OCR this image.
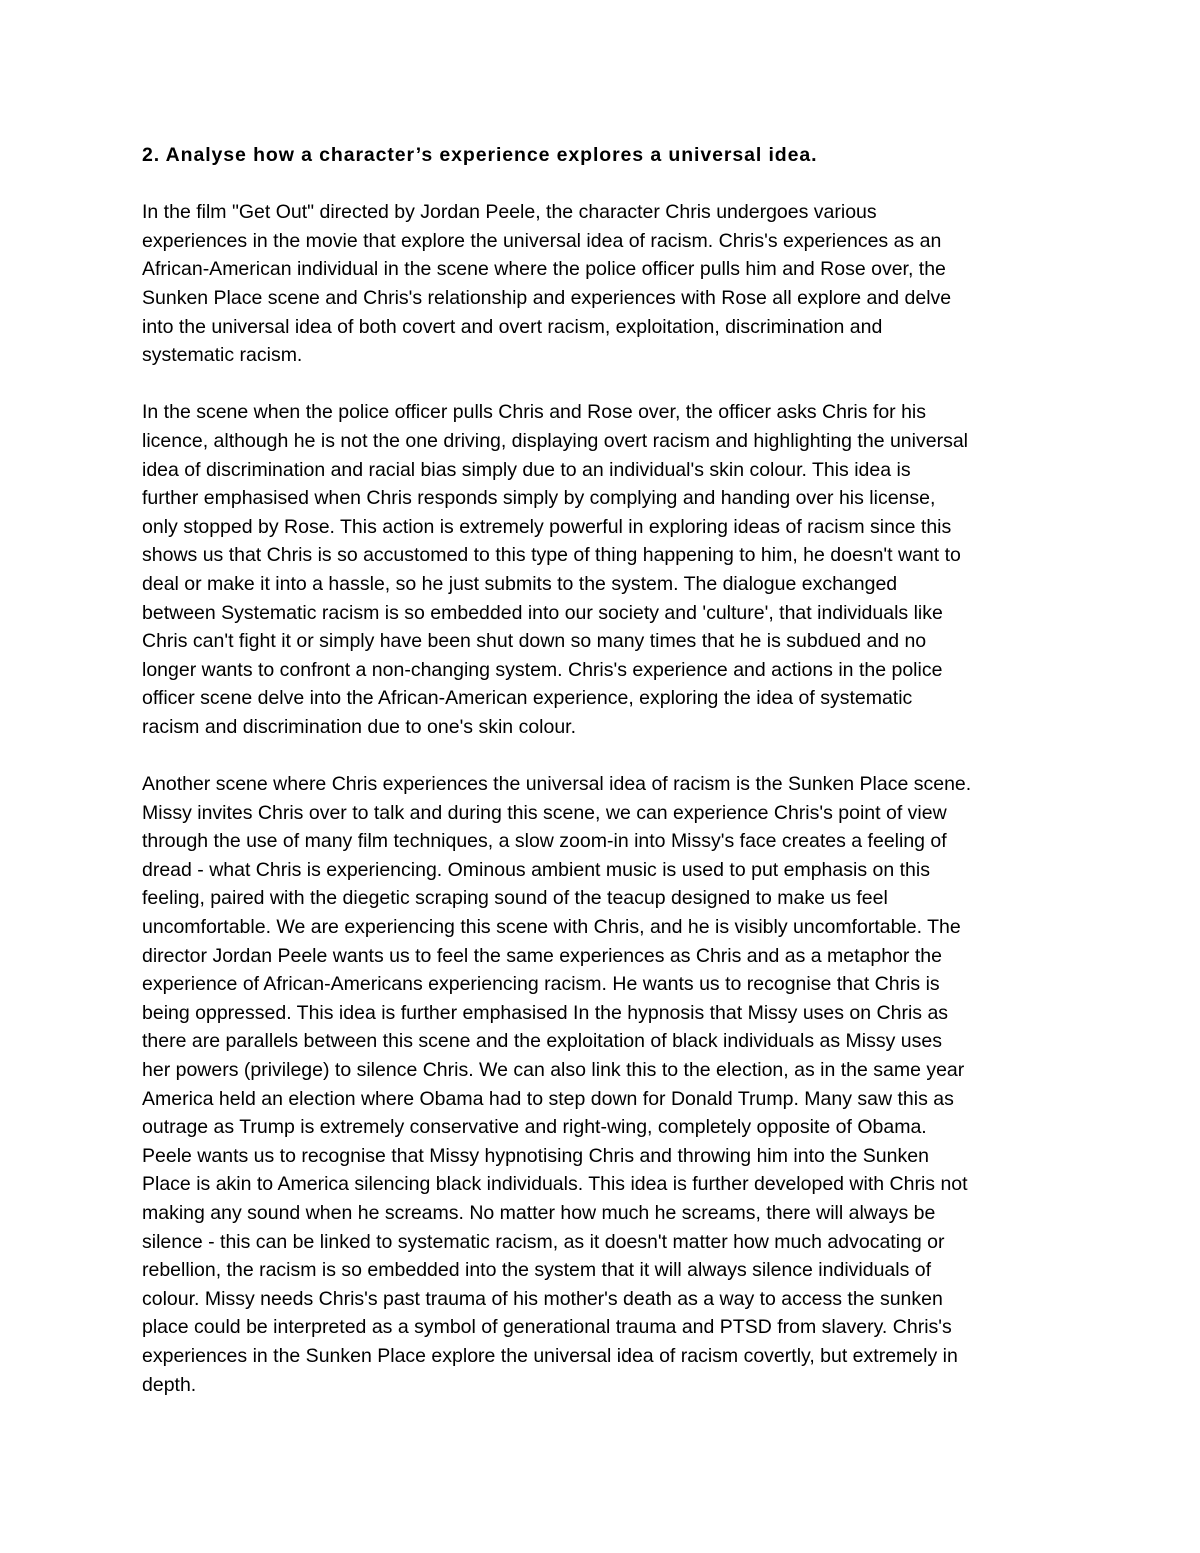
2. Analyse how a character’s experience explores a universal idea.

In the film "Get Out" directed by Jordan Peele, the character Chris undergoes various
experiences in the movie that explore the universal idea of racism. Chris's experiences as an
African-American individual in the scene where the police officer pulls him and Rose over, the
Sunken Place scene and Chris's relationship and experiences with Rose all explore and delve
into the universal idea of both covert and overt racism, exploitation, discrimination and
systematic racism.

In the scene when the police officer pulls Chris and Rose over, the officer asks Chris for his
licence, although he is not the one driving, displaying overt racism and highlighting the universal
idea of discrimination and racial bias simply due to an individual's skin colour. This idea is
further emphasised when Chris responds simply by complying and handing over his license,
only stopped by Rose. This action is extremely powerful in exploring ideas of racism since this
shows us that Chris is so accustomed to this type of thing happening to him, he doesn't want to
deal or make it into a hassle, so he just submits to the system. The dialogue exchanged
between Systematic racism is so embedded into our society and 'culture', that individuals like
Chris can't fight it or simply have been shut down so many times that he is subdued and no
longer wants to confront a non-changing system. Chris's experience and actions in the police
officer scene delve into the African-American experience, exploring the idea of systematic
racism and discrimination due to one's skin colour.

Another scene where Chris experiences the universal idea of racism is the Sunken Place scene.
Missy invites Chris over to talk and during this scene, we can experience Chris's point of view
through the use of many film techniques, a slow zoom-in into Missy's face creates a feeling of
dread - what Chris is experiencing. Ominous ambient music is used to put emphasis on this
feeling, paired with the diegetic scraping sound of the teacup designed to make us feel
uncomfortable. We are experiencing this scene with Chris, and he is visibly uncomfortable. The
director Jordan Peele wants us to feel the same experiences as Chris and as a metaphor the
experience of African-Americans experiencing racism. He wants us to recognise that Chris is
being oppressed. This idea is further emphasised In the hypnosis that Missy uses on Chris as
there are parallels between this scene and the exploitation of black individuals as Missy uses
her powers (privilege) to silence Chris. We can also link this to the election, as in the same year
America held an election where Obama had to step down for Donald Trump. Many saw this as
outrage as Trump is extremely conservative and right-wing, completely opposite of Obama.
Peele wants us to recognise that Missy hypnotising Chris and throwing him into the Sunken
Place is akin to America silencing black individuals. This idea is further developed with Chris not
making any sound when he screams. No matter how much he screams, there will always be
silence - this can be linked to systematic racism, as it doesn't matter how much advocating or
rebellion, the racism is so embedded into the system that it will always silence individuals of
colour. Missy needs Chris's past trauma of his mother's death as a way to access the sunken
place could be interpreted as a symbol of generational trauma and PTSD from slavery. Chris's
experiences in the Sunken Place explore the universal idea of racism covertly, but extremely in
depth.
